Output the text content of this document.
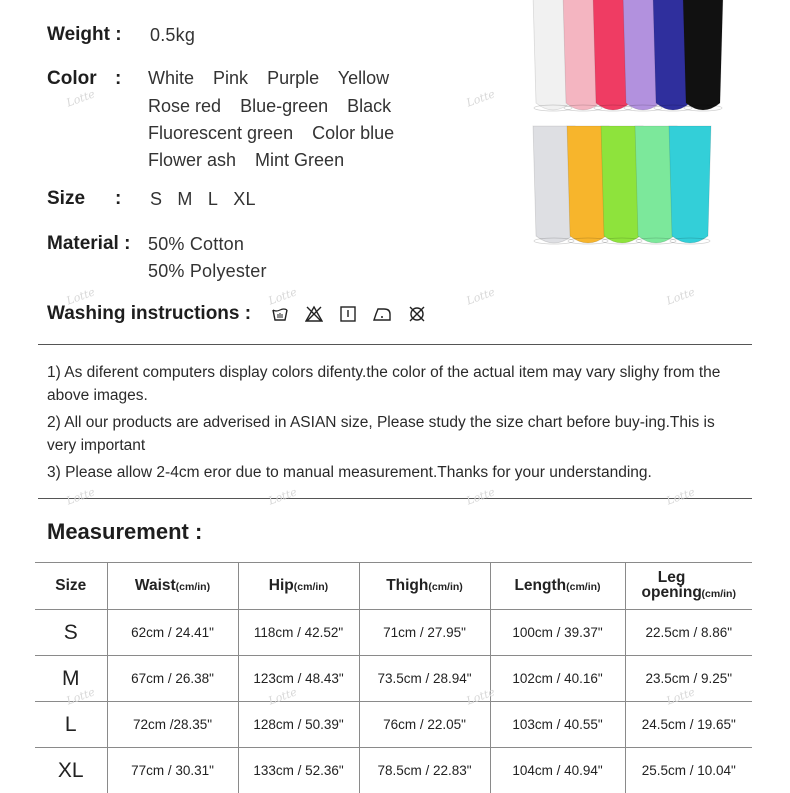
Weight : 0.5kg
Color : White Pink Purple Yellow
Rose red Blue-green Black
Fluorescent green Color blue
Flower ash Mint Green
Size : S M L XL
Material : 50% Cotton
50% Polyester
Washing instructions :
1) As diferent computers display colors difenty.the color of the actual item may vary slighy from the above images.
2) All our products are adverised in ASIAN size, Please study the size chart before buy-ing.This is very important
3) Please allow 2-4cm eror due to manual measurement.Thanks for your understanding.
Measurement :
Size	Waist(cm/in)	Hip(cm/in)	Thigh(cm/in)	Length(cm/in)	Leg opening(cm/in)
S	62cm / 24.41"	118cm / 42.52"	71cm / 27.95"	100cm / 39.37"	22.5cm / 8.86"
M	67cm / 26.38"	123cm / 48.43"	73.5cm / 28.94"	102cm / 40.16"	23.5cm / 9.25"
L	72cm /28.35"	128cm / 50.39"	76cm / 22.05"	103cm / 40.55"	24.5cm / 19.65"
XL	77cm / 30.31"	133cm / 52.36"	78.5cm / 22.83"	104cm / 40.94"	25.5cm / 10.04"
Lotte	Lotte
Lotte	Lotte	Lotte	Lotte
Lotte	Lotte	Lotte	Lotte
Lotte	Lotte	Lotte	Lotte
